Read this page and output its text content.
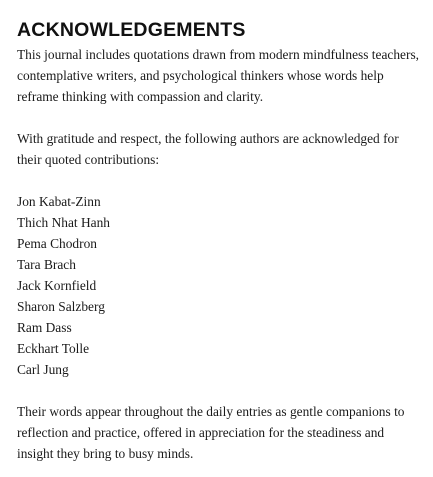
ACKNOWLEDGEMENTS

This journal includes quotations drawn from modern mindfulness teachers, contemplative writers, and psychological thinkers whose words help reframe thinking with compassion and clarity.

With gratitude and respect, the following authors are acknowledged for their quoted contributions:

Jon Kabat-Zinn
Thich Nhat Hanh
Pema Chodron
Tara Brach
Jack Kornfield
Sharon Salzberg
Ram Dass
Eckhart Tolle
Carl Jung

Their words appear throughout the daily entries as gentle companions to reflection and practice, offered in appreciation for the steadiness and insight they bring to busy minds.
